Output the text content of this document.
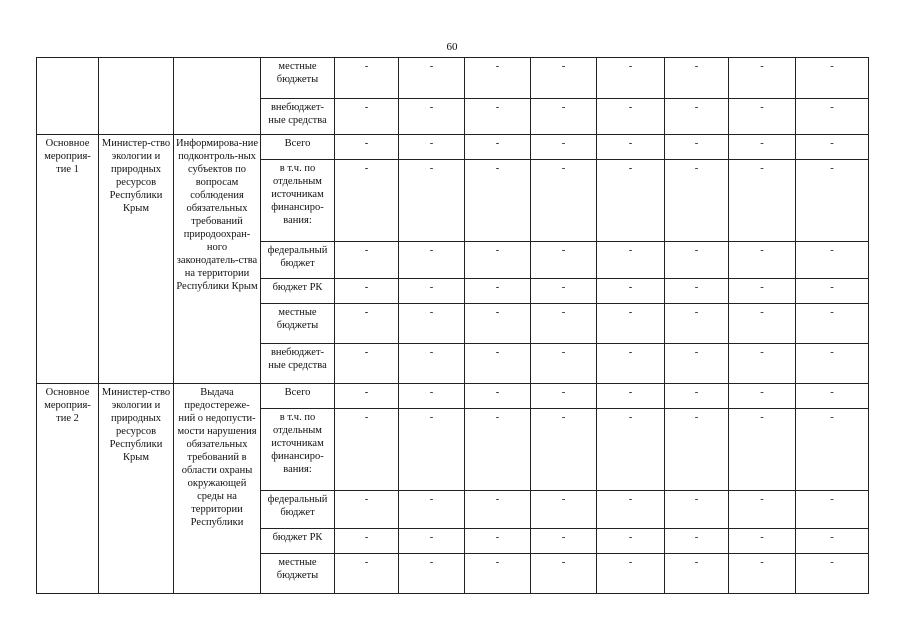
60
			местные бюджеты	-	-	-	-	-	-	-	-
			внебюджет-ные средства	-	-	-	-	-	-	-	-
Основное мероприя-тие 1	Министер-ство экологии и природных ресурсов Республики Крым	Информирова-ние подконтроль-ных субъектов по вопросам соблюдения обязательных требований природоохран-ного законодатель-ства на территории Республики Крым	Всего	-	-	-	-	-	-	-	-
			в т.ч. по отдельным источникам финансиро-вания:	-	-	-	-	-	-	-	-
			федеральный бюджет	-	-	-	-	-	-	-	-
			бюджет РК	-	-	-	-	-	-	-	-
			местные бюджеты	-	-	-	-	-	-	-	-
			внебюджет-ные средства	-	-	-	-	-	-	-	-
Основное мероприя-тие 2	Министер-ство экологии и природных ресурсов Республики Крым	Выдача предостереже-ний о недопусти-мости нарушения обязательных требований в области охраны окружающей среды на территории Республики	Всего	-	-	-	-	-	-	-	-
			в т.ч. по отдельным источникам финансиро-вания:	-	-	-	-	-	-	-	-
			федеральный бюджет	-	-	-	-	-	-	-	-
			бюджет РК	-	-	-	-	-	-	-	-
			местные бюджеты	-	-	-	-	-	-	-	-
